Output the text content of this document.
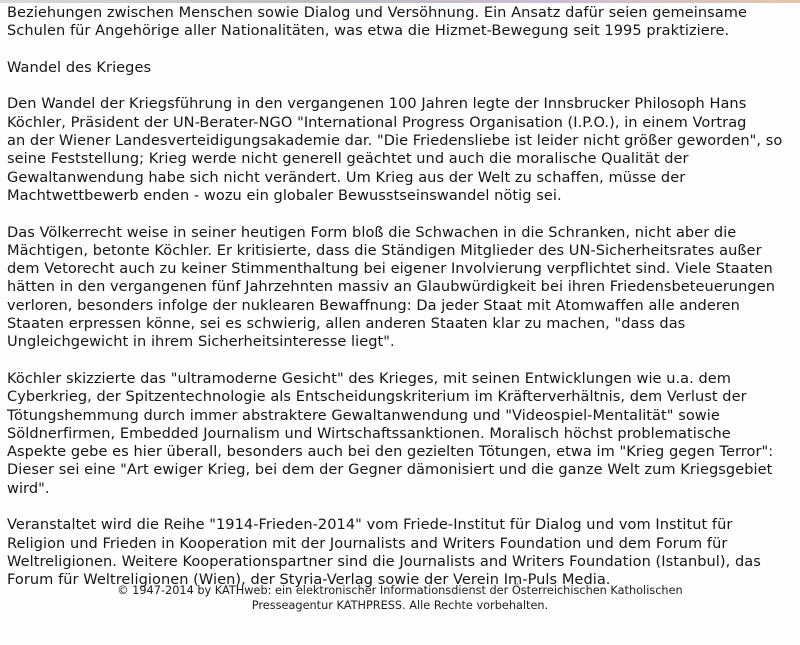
Beziehungen zwischen Menschen sowie Dialog und Versöhnung. Ein Ansatz dafür seien gemeinsame
Schulen für Angehörige aller Nationalitäten, was etwa die Hizmet-Bewegung seit 1995 praktiziere.

Wandel des Krieges

Den Wandel der Kriegsführung in den vergangenen 100 Jahren legte der Innsbrucker Philosoph Hans
Köchler, Präsident der UN-Berater-NGO "International Progress Organisation (I.P.O.), in einem Vortrag
an der Wiener Landesverteidigungsakademie dar. "Die Friedensliebe ist leider nicht größer geworden", so
seine Feststellung; Krieg werde nicht generell geächtet und auch die moralische Qualität der
Gewaltanwendung habe sich nicht verändert. Um Krieg aus der Welt zu schaffen, müsse der
Machtwettbewerb enden - wozu ein globaler Bewusstseinswandel nötig sei.

Das Völkerrecht weise in seiner heutigen Form bloß die Schwachen in die Schranken, nicht aber die
Mächtigen, betonte Köchler. Er kritisierte, dass die Ständigen Mitglieder des UN-Sicherheitsrates außer
dem Vetorecht auch zu keiner Stimmenthaltung bei eigener Involvierung verpflichtet sind. Viele Staaten
hätten in den vergangenen fünf Jahrzehnten massiv an Glaubwürdigkeit bei ihren Friedensbeteuerungen
verloren, besonders infolge der nuklearen Bewaffnung: Da jeder Staat mit Atomwaffen alle anderen
Staaten erpressen könne, sei es schwierig, allen anderen Staaten klar zu machen, "dass das
Ungleichgewicht in ihrem Sicherheitsinteresse liegt".

Köchler skizzierte das "ultramoderne Gesicht" des Krieges, mit seinen Entwicklungen wie u.a. dem
Cyberkrieg, der Spitzentechnologie als Entscheidungskriterium im Kräfterverhältnis, dem Verlust der
Tötungshemmung durch immer abstraktere Gewaltanwendung und "Videospiel-Mentalität" sowie
Söldnerfirmen, Embedded Journalism und Wirtschaftssanktionen. Moralisch höchst problematische
Aspekte gebe es hier überall, besonders auch bei den gezielten Tötungen, etwa im "Krieg gegen Terror":
Dieser sei eine "Art ewiger Krieg, bei dem der Gegner dämonisiert und die ganze Welt zum Kriegsgebiet
wird".

Veranstaltet wird die Reihe "1914-Frieden-2014" vom Friede-Institut für Dialog und vom Institut für
Religion und Frieden in Kooperation mit der Journalists and Writers Foundation und dem Forum für
Weltreligionen. Weitere Kooperationspartner sind die Journalists and Writers Foundation (Istanbul), das
Forum für Weltreligionen (Wien), der Styria-Verlag sowie der Verein Im-Puls Media.

© 1947-2014 by KATHweb: ein elektronischer Informationsdienst der Österreichischen Katholischen
Presseagentur KATHPRESS. Alle Rechte vorbehalten.
